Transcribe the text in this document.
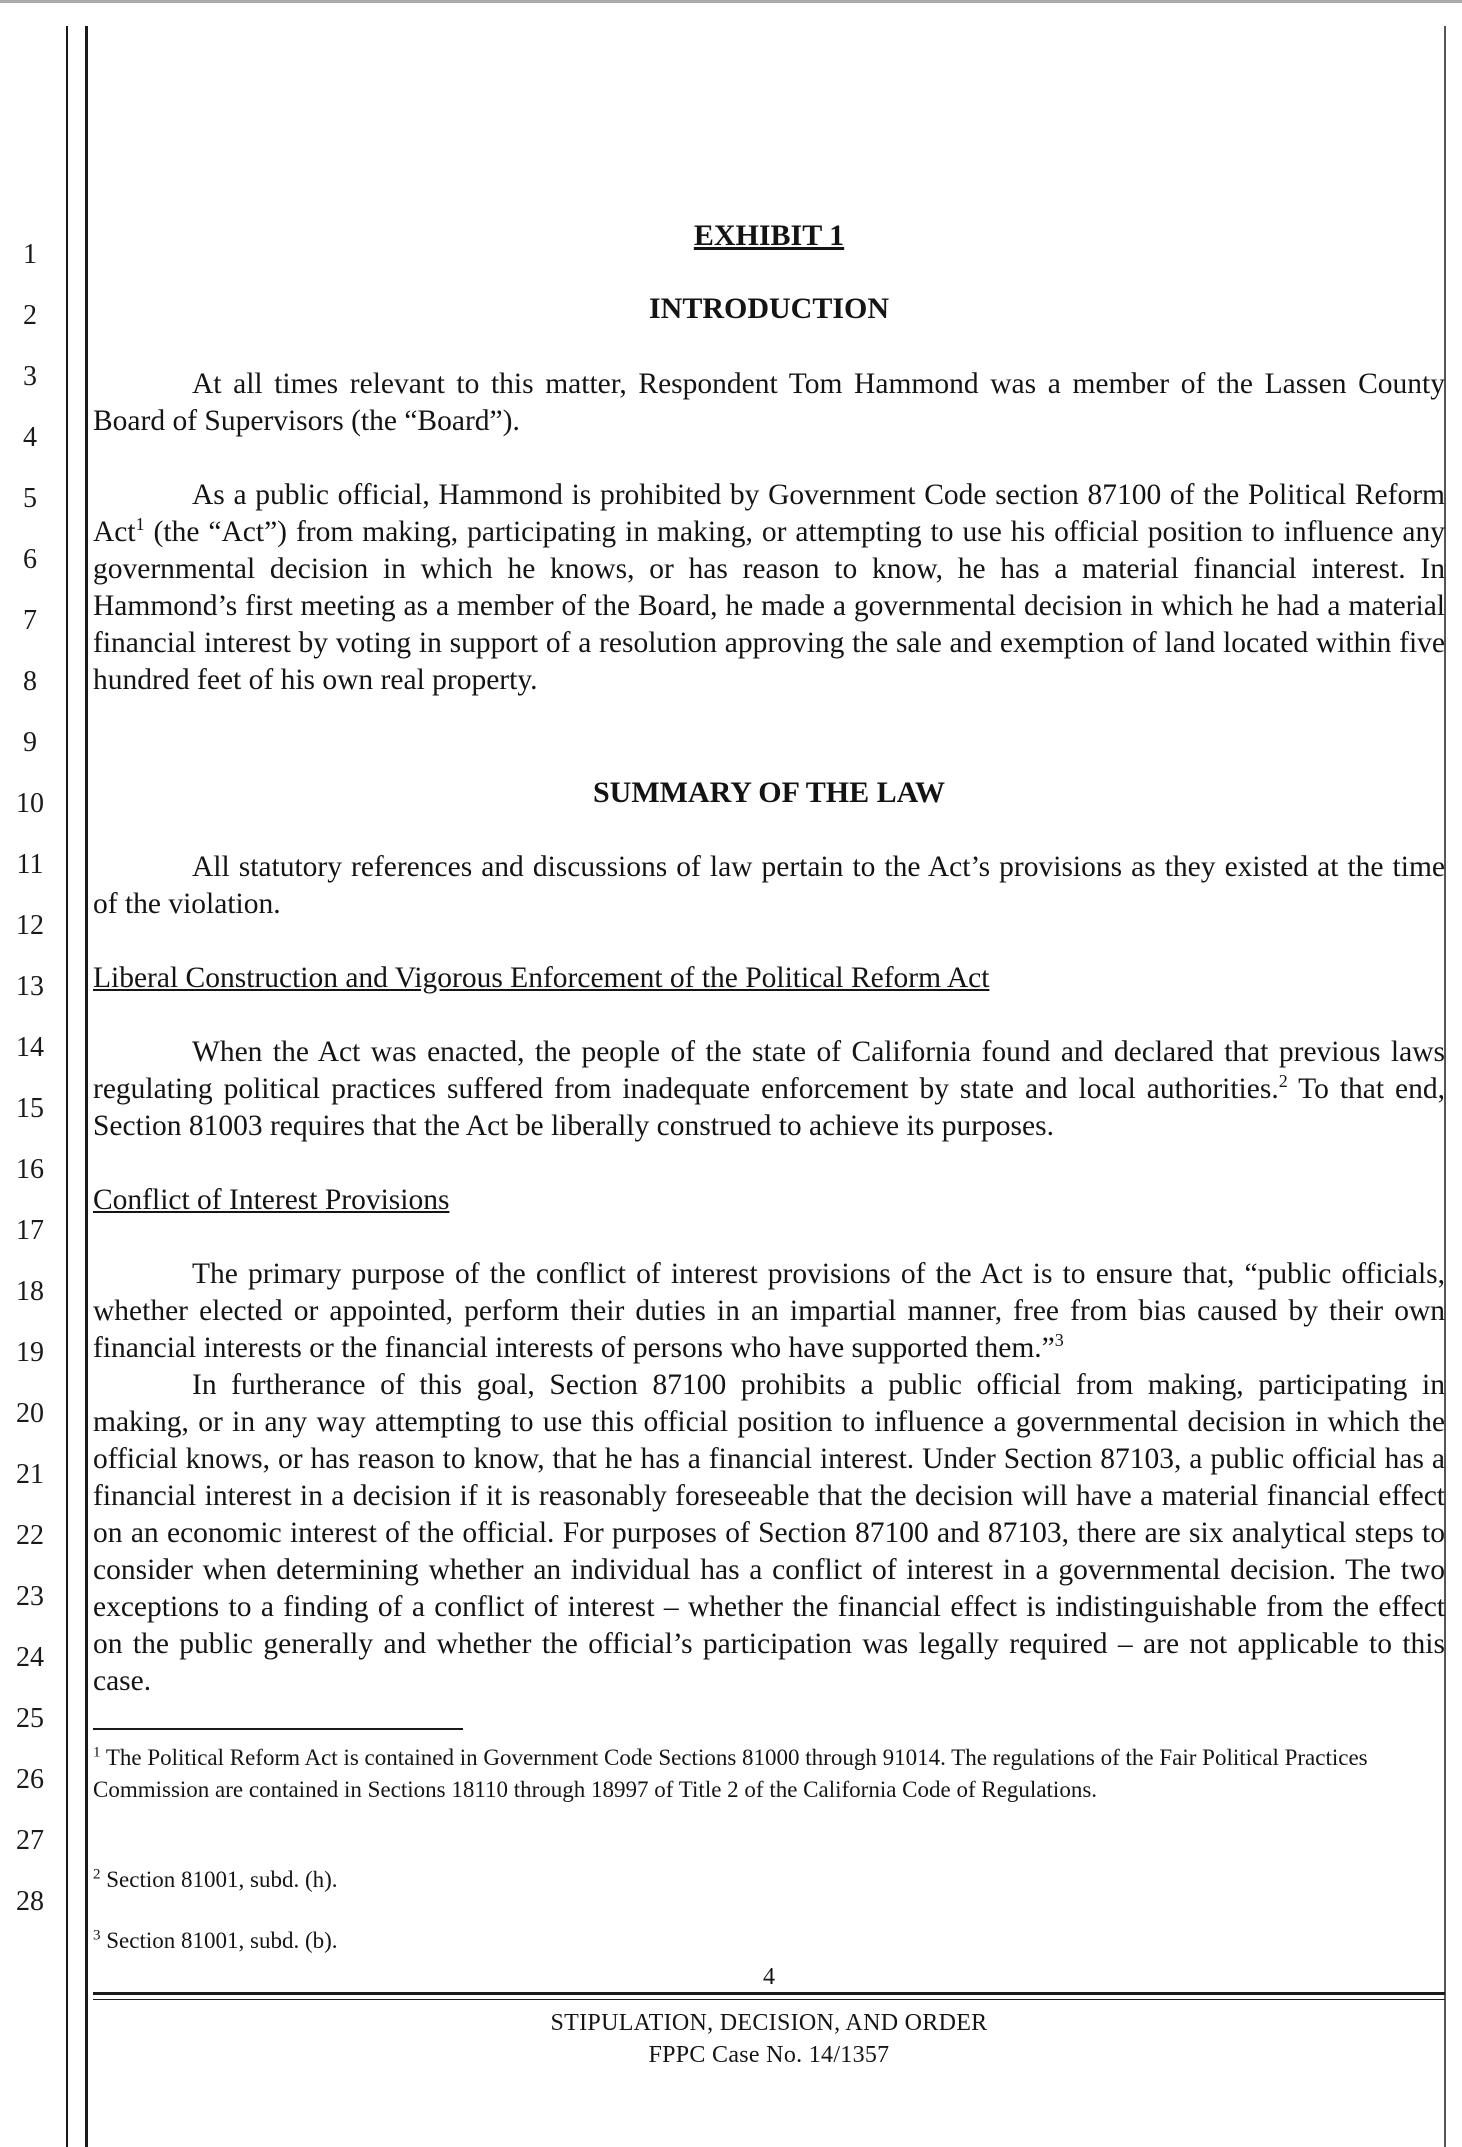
1
2
3
4
5
6
7
8
9
10
11
12
13
14
15
16
17
18
19
20
21
22
23
24
25
26
27
28
EXHIBIT 1
INTRODUCTION
At all times relevant to this matter, Respondent Tom Hammond was a member of the Lassen County Board of Supervisors (the “Board”).
As a public official, Hammond is prohibited by Government Code section 87100 of the Political Reform Act$^1$ (the “Act”) from making, participating in making, or attempting to use his official position to influence any governmental decision in which he knows, or has reason to know, he has a material financial interest. In Hammond’s first meeting as a member of the Board, he made a governmental decision in which he had a material financial interest by voting in support of a resolution approving the sale and exemption of land located within five hundred feet of his own real property.
SUMMARY OF THE LAW
All statutory references and discussions of law pertain to the Act’s provisions as they existed at the time of the violation.
Liberal Construction and Vigorous Enforcement of the Political Reform Act
When the Act was enacted, the people of the state of California found and declared that previous laws regulating political practices suffered from inadequate enforcement by state and local authorities.$^2$ To that end, Section 81003 requires that the Act be liberally construed to achieve its purposes.
Conflict of Interest Provisions
The primary purpose of the conflict of interest provisions of the Act is to ensure that, “public officials, whether elected or appointed, perform their duties in an impartial manner, free from bias caused by their own financial interests or the financial interests of persons who have supported them.”$^3$
In furtherance of this goal, Section 87100 prohibits a public official from making, participating in making, or in any way attempting to use this official position to influence a governmental decision in which the official knows, or has reason to know, that he has a financial interest. Under Section 87103, a public official has a financial interest in a decision if it is reasonably foreseeable that the decision will have a material financial effect on an economic interest of the official. For purposes of Section 87100 and 87103, there are six analytical steps to consider when determining whether an individual has a conflict of interest in a governmental decision. The two exceptions to a finding of a conflict of interest – whether the financial effect is indistinguishable from the effect on the public generally and whether the official’s participation was legally required – are not applicable to this case.
$^1$ The Political Reform Act is contained in Government Code Sections 81000 through 91014. The regulations of the Fair Political Practices Commission are contained in Sections 18110 through 18997 of Title 2 of the California Code of Regulations.
$^2$ Section 81001, subd. (h).
$^3$ Section 81001, subd. (b).
4
STIPULATION, DECISION, AND ORDER
FPPC Case No. 14/1357
